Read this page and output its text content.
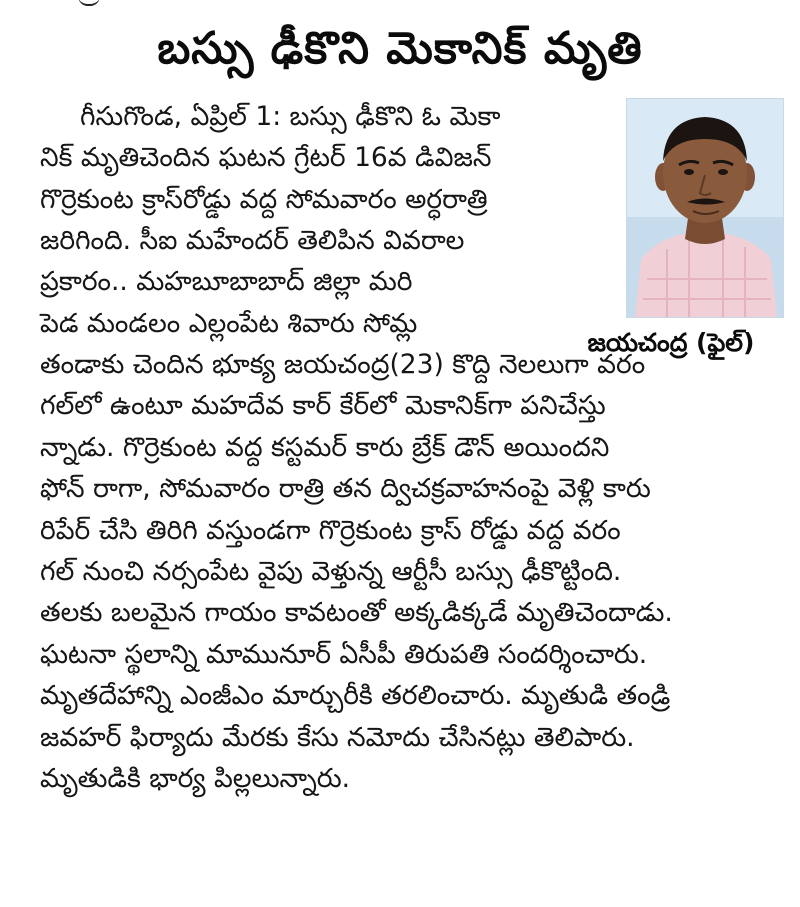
బస్సు ఢీకొని మెకానిక్ మృతి
జయచంద్ర (ఫైల్)
గీసుగొండ, ఏప్రిల్ 1: బస్సు ఢీకొని ఓ మెకా
నిక్ మృతిచెందిన ఘటన గ్రేటర్ 16వ డివిజన్
గొర్రెకుంట క్రాస్‌రోడ్డు వద్ద సోమవారం అర్ధరాత్రి
జరిగింది. సీఐ మహేందర్ తెలిపిన వివరాల
ప్రకారం.. మహబూబాబాద్ జిల్లా మరి
పెడ మండలం ఎల్లంపేట శివారు సోమ్ల
తండాకు చెందిన భూక్య జయచంద్ర(23) కొద్ది నెలలుగా వరం
గల్‌లో ఉంటూ మహదేవ కార్ కేర్‌లో మెకానిక్‌గా పనిచేస్తు
న్నాడు. గొర్రెకుంట వద్ద కస్టమర్ కారు బ్రేక్ డౌన్ అయిందని
ఫోన్ రాగా, సోమవారం రాత్రి తన ద్విచక్రవాహనంపై వెళ్లి కారు
రిపేర్ చేసి తిరిగి వస్తుండగా గొర్రెకుంట క్రాస్ రోడ్డు వద్ద వరం
గల్ నుంచి నర్సంపేట వైపు వెళ్తున్న ఆర్టీసీ బస్సు ఢీకొట్టింది.
తలకు బలమైన గాయం కావటంతో అక్కడిక్కడే మృతిచెందాడు.
ఘటనా స్థలాన్ని మామునూర్ ఏసీపీ తిరుపతి సందర్శించారు.
మృతదేహాన్ని ఎంజీఎం మార్చురీకి తరలించారు. మృతుడి తండ్రి
జవహర్ ఫిర్యాదు మేరకు కేసు నమోదు చేసినట్లు తెలిపారు.
మృతుడికి భార్య పిల్లలున్నారు.
